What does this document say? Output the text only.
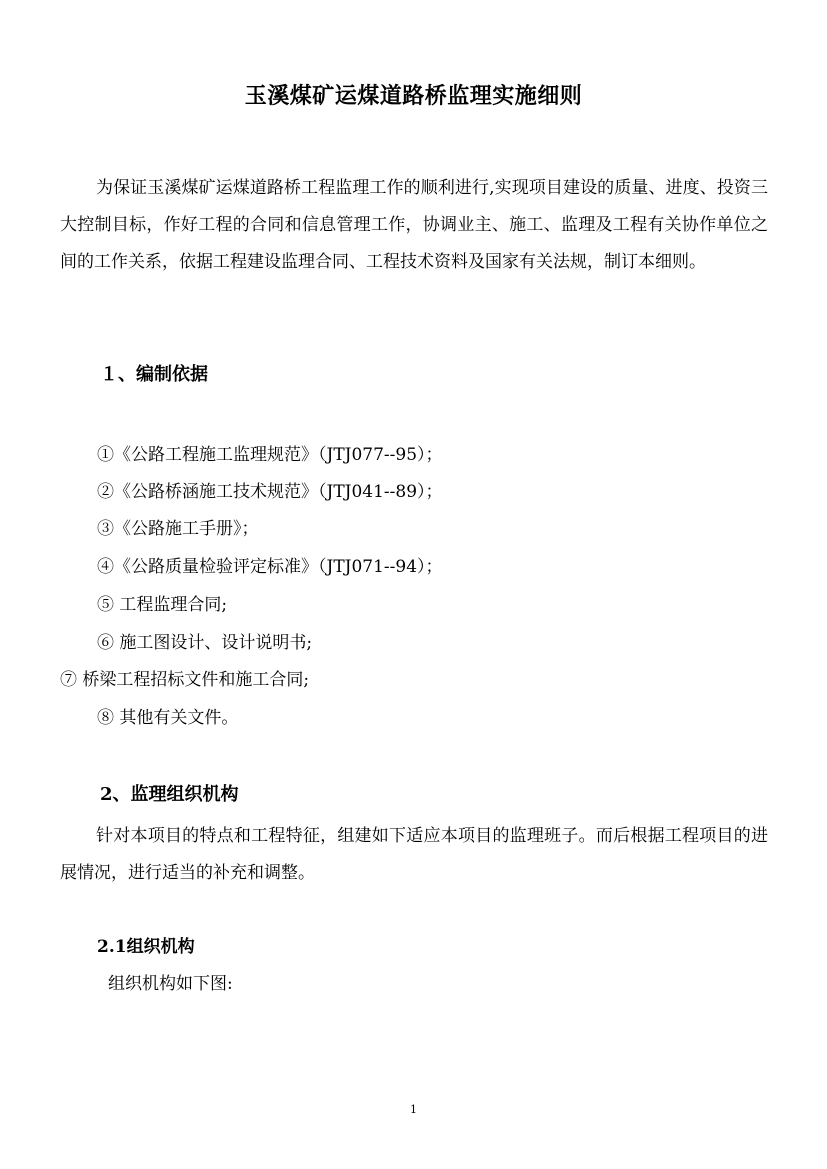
玉溪煤矿运煤道路桥监理实施细则

为保证玉溪煤矿运煤道路桥工程监理工作的顺利进行,实现项目建设的质量、进度、投资三大控制目标，作好工程的合同和信息管理工作，协调业主、施工、监理及工程有关协作单位之间的工作关系，依据工程建设监理合同、工程技术资料及国家有关法规，制订本细则。

１、编制依据

①《公路工程施工监理规范》（JTJ077--95）；

②《公路桥涵施工技术规范》（JTJ041--89）；

③《公路施工手册》；

④《公路质量检验评定标准》（JTJ071--94）；

⑤ 工程监理合同;

⑥ 施工图设计、设计说明书;

⑦ 桥梁工程招标文件和施工合同;

⑧ 其他有关文件。

2、监理组织机构

针对本项目的特点和工程特征，组建如下适应本项目的监理班子。而后根据工程项目的进展情况，进行适当的补充和调整。

2.1组织机构

组织机构如下图:

1
